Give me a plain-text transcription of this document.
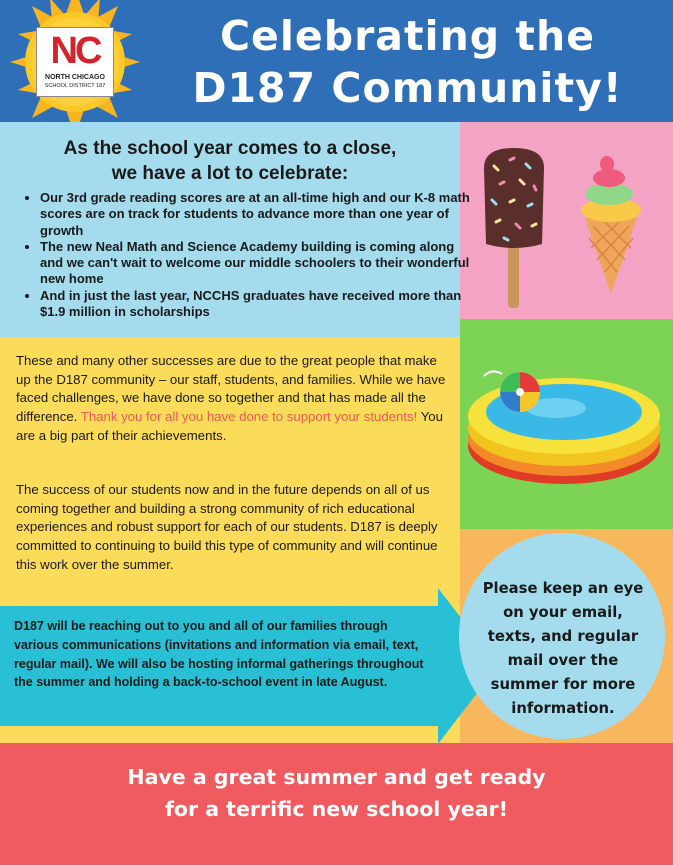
Celebrating the
D187 Community!
NC
NORTH CHICAGO
SCHOOL DISTRICT 187
As the school year comes to a close,
we have a lot to celebrate:
• Our 3rd grade reading scores are at an all-time high and our K-8 math scores are on track for students to advance more than one year of growth
• The new Neal Math and Science Academy building is coming along and we can't wait to welcome our middle schoolers to their wonderful new home
• And in just the last year, NCCHS graduates have received more than $1.9 million in scholarships
These and many other successes are due to the great people that make up the D187 community – our staff, students, and families. While we have faced challenges, we have done so together and that has made all the difference. Thank you for all you have done to support your students! You are a big part of their achievements.
The success of our students now and in the future depends on all of us coming together and building a strong community of rich educational experiences and robust support for each of our students. D187 is deeply committed to continuing to build this type of community and will continue this work over the summer.
D187 will be reaching out to you and all of our families through various communications (invitations and information via email, text, regular mail). We will also be hosting informal gatherings throughout the summer and holding a back-to-school event in late August.
Please keep an eye on your email, texts, and regular mail over the summer for more information.
Have a great summer and get ready
for a terrific new school year!
